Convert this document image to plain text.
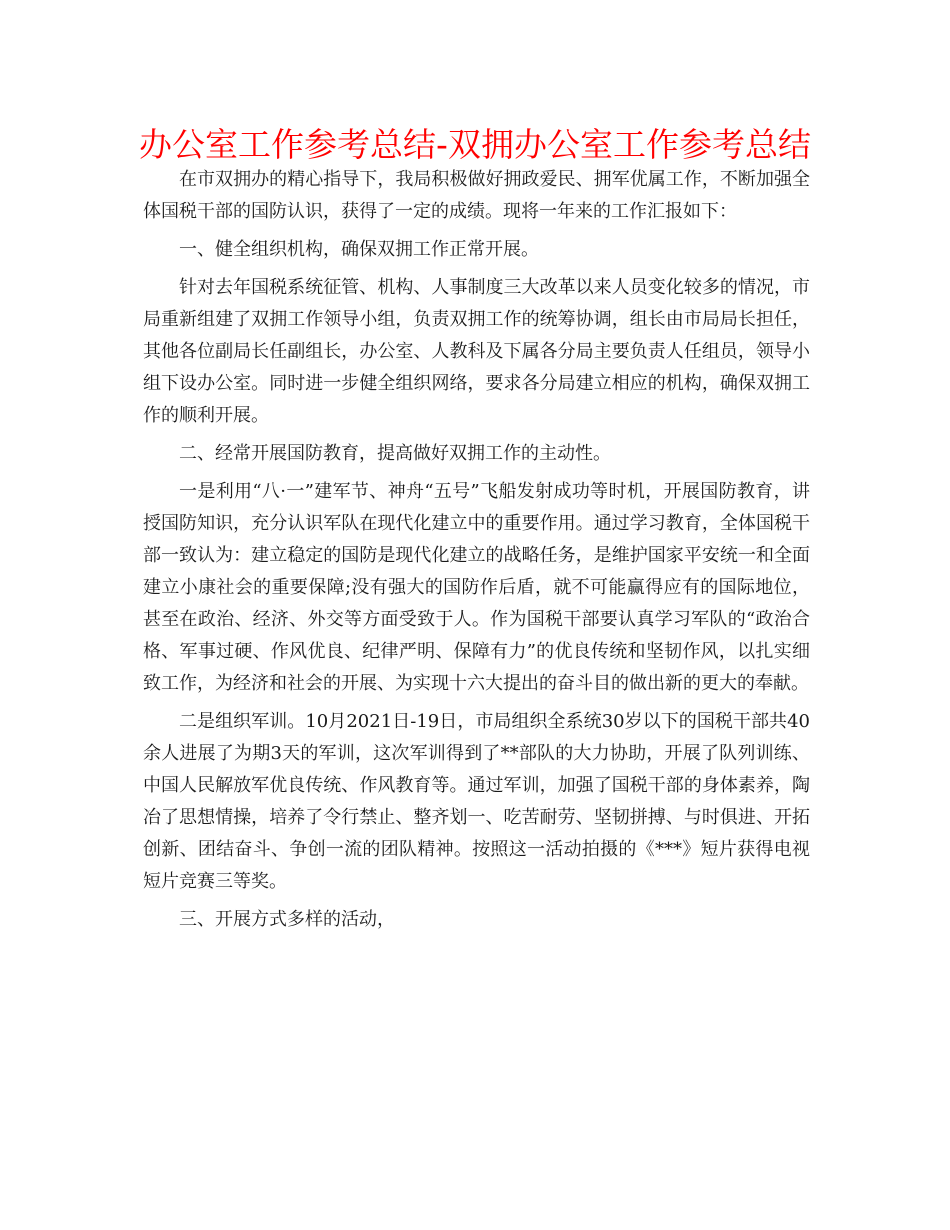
办公室工作参考总结-双拥办公室工作参考总结

在市双拥办的精心指导下，我局积极做好拥政爱民、拥军优属工作，不断加强全体国税干部的国防认识，获得了一定的成绩。现将一年来的工作汇报如下：

一、健全组织机构，确保双拥工作正常开展。

针对去年国税系统征管、机构、人事制度三大改革以来人员变化较多的情况，市局重新组建了双拥工作领导小组，负责双拥工作的统筹协调，组长由市局局长担任，其他各位副局长任副组长，办公室、人教科及下属各分局主要负责人任组员，领导小组下设办公室。同时进一步健全组织网络，要求各分局建立相应的机构，确保双拥工作的顺利开展。

二、经常开展国防教育，提高做好双拥工作的主动性。

一是利用“八·一”建军节、神舟“五号”飞船发射成功等时机，开展国防教育，讲授国防知识，充分认识军队在现代化建立中的重要作用。通过学习教育，全体国税干部一致认为：建立稳定的国防是现代化建立的战略任务，是维护国家平安统一和全面建立小康社会的重要保障;没有强大的国防作后盾，就不可能赢得应有的国际地位，甚至在政治、经济、外交等方面受致于人。作为国税干部要认真学习军队的“政治合格、军事过硬、作风优良、纪律严明、保障有力”的优良传统和坚韧作风，以扎实细致工作，为经济和社会的开展、为实现十六大提出的奋斗目的做出新的更大的奉献。

二是组织军训。10月2021日-19日，市局组织全系统30岁以下的国税干部共40余人进展了为期3天的军训，这次军训得到了**部队的大力协助，开展了队列训练、中国人民解放军优良传统、作风教育等。通过军训，加强了国税干部的身体素养，陶冶了思想情操，培养了令行禁止、整齐划一、吃苦耐劳、坚韧拼搏、与时俱进、开拓创新、团结奋斗、争创一流的团队精神。按照这一活动拍摄的《***》短片获得电视短片竞赛三等奖。

三、开展方式多样的活动，
